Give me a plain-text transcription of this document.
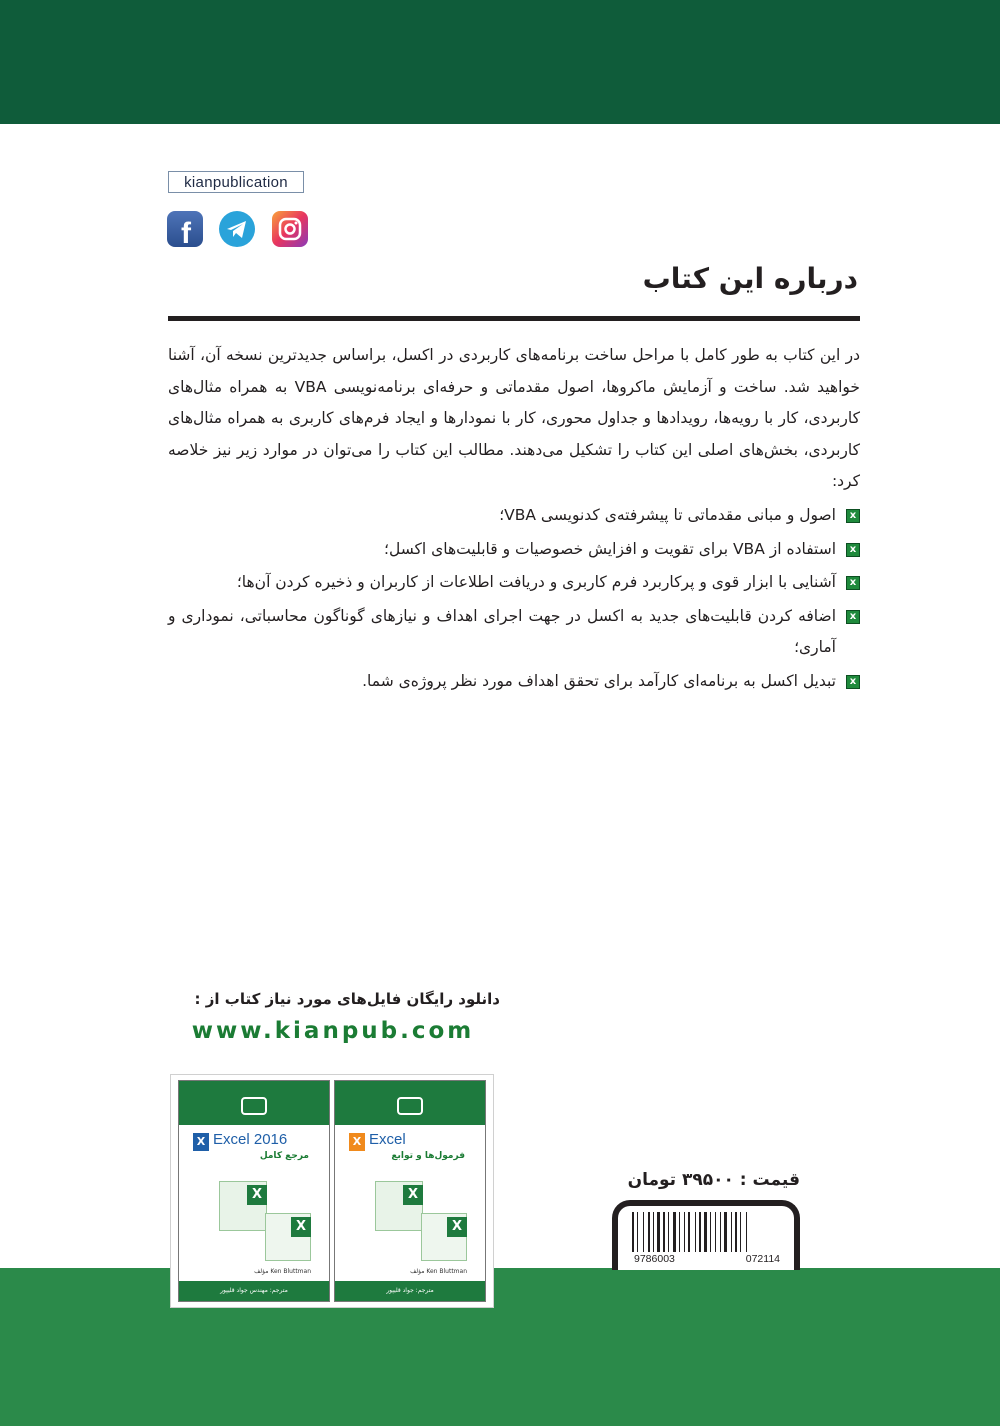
kianpublication
f
درباره این کتاب

در این کتاب به طور کامل با مراحل ساخت برنامه‌های کاربردی در اکسل، براساس جدیدترین نسخه آن، آشنا خواهید شد. ساخت و آزمایش ماکروها، اصول مقدماتی و حرفه‌ای برنامه‌نویسی VBA به همراه مثال‌های کاربردی، کار با رویه‌ها، رویدادها و جداول محوری، کار با نمودارها و ایجاد فرم‌های کاربری به همراه مثال‌های کاربردی، بخش‌های اصلی این کتاب را تشکیل می‌دهند. مطالب این کتاب را می‌توان در موارد زیر نیز خلاصه کرد:

x
اصول و مبانی مقدماتی تا پیشرفته‌ی کدنویسی VBA؛
x
استفاده از VBA برای تقویت و افزایش خصوصیات و قابلیت‌های اکسل؛
x
آشنایی با ابزار قوی و پرکاربرد فرم کاربری و دریافت اطلاعات از کاربران و ذخیره کردن آن‌ها؛
x
اضافه کردن قابلیت‌های جدید به اکسل در جهت اجرای اهداف و نیازهای گوناگون محاسباتی، نموداری و آماری؛
x
تبدیل اکسل به برنامه‌ای کارآمد برای تحقق اهداف مورد نظر پروژه‌ی شما.
دانلود رایگان فایل‌های مورد نیاز کتاب از :
www.kianpub.com
X Excel 2016
مرجع کامل
X
X
Ken Bluttman مؤلف
مترجم: مهندس جواد قلیپور
X Excel
فرمول‌ها و توابع
X
X
Ken Bluttman مؤلف
مترجم: جواد قلیپور
قیمت : ۳۹۵۰۰ تومان
9786003	072114
